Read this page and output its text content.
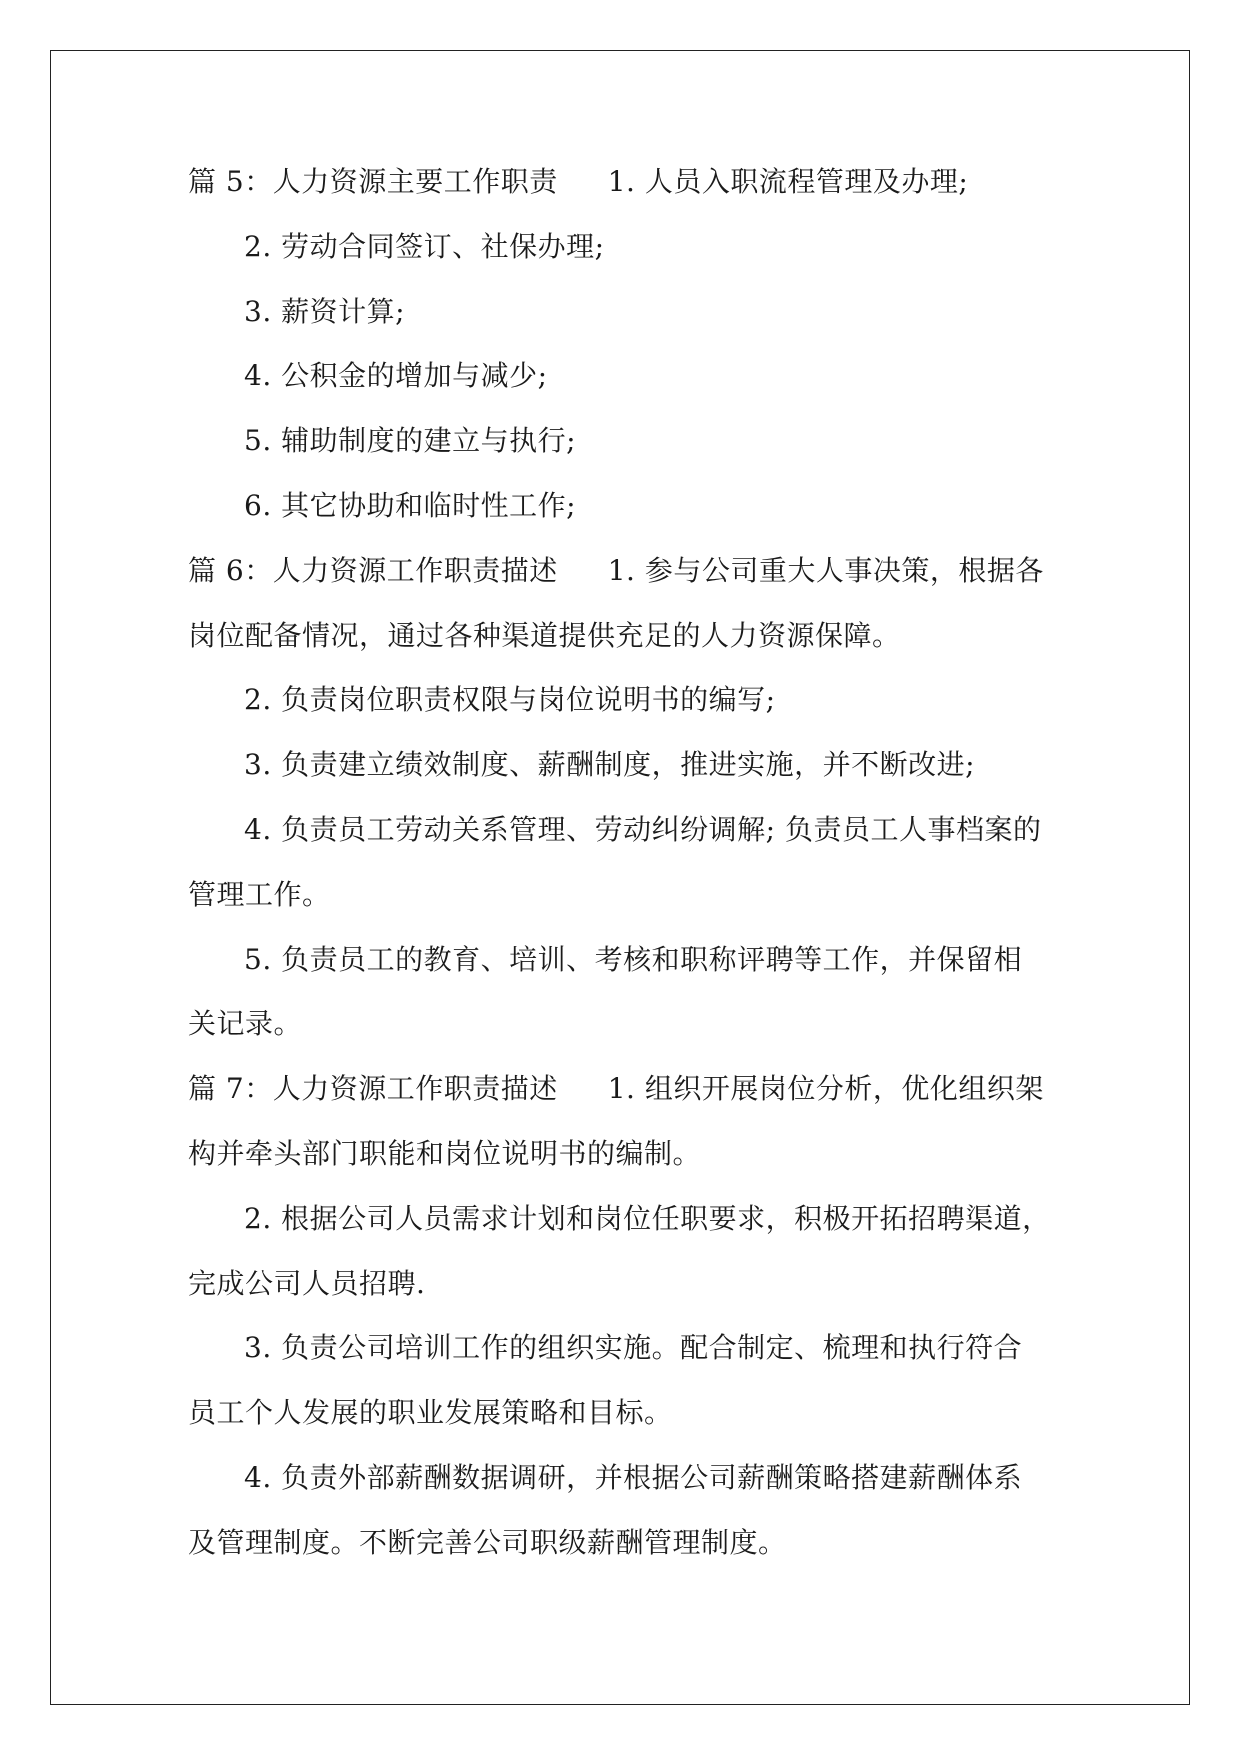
篇 5：人力资源主要工作职责 1. 人员入职流程管理及办理;
2. 劳动合同签订、社保办理;
3. 薪资计算;
4. 公积金的增加与减少;
5. 辅助制度的建立与执行;
6. 其它协助和临时性工作;
篇 6：人力资源工作职责描述 1. 参与公司重大人事决策，根据各
岗位配备情况，通过各种渠道提供充足的人力资源保障。
2. 负责岗位职责权限与岗位说明书的编写;
3. 负责建立绩效制度、薪酬制度，推进实施，并不断改进;
4. 负责员工劳动关系管理、劳动纠纷调解; 负责员工人事档案的
管理工作。
5. 负责员工的教育、培训、考核和职称评聘等工作，并保留相
关记录。
篇 7：人力资源工作职责描述 1. 组织开展岗位分析，优化组织架
构并牵头部门职能和岗位说明书的编制。
2. 根据公司人员需求计划和岗位任职要求，积极开拓招聘渠道，
完成公司人员招聘.
3. 负责公司培训工作的组织实施。配合制定、梳理和执行符合
员工个人发展的职业发展策略和目标。
4. 负责外部薪酬数据调研，并根据公司薪酬策略搭建薪酬体系
及管理制度。不断完善公司职级薪酬管理制度。
